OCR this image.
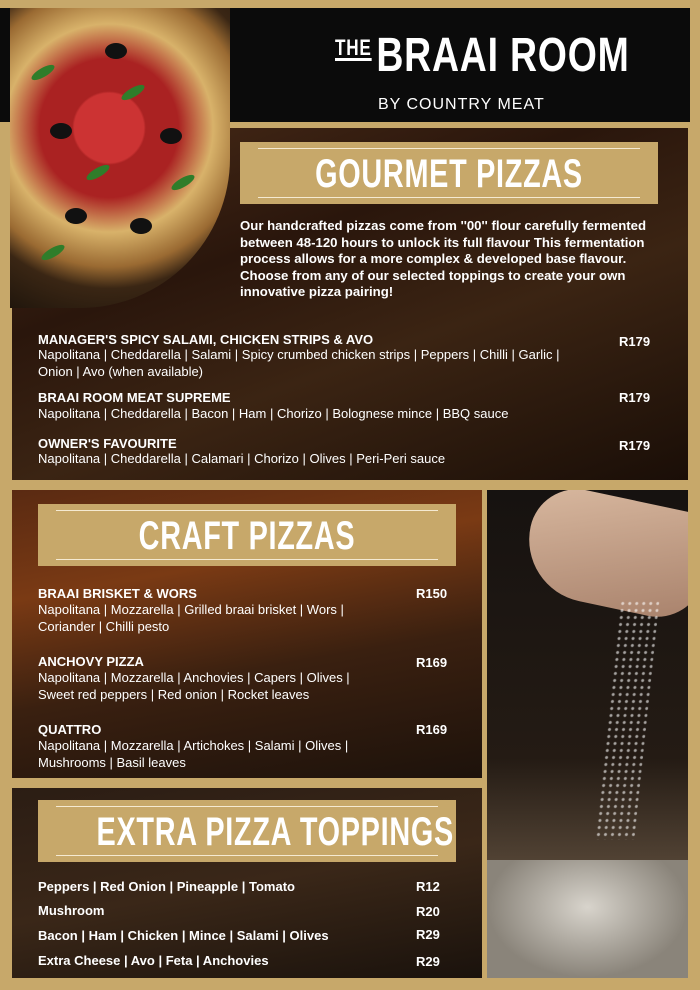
THEBRAAI ROOM
BY COUNTRY MEAT
GOURMET PIZZAS
Our handcrafted pizzas come from ''00'' flour carefully fermented between 48-120 hours to unlock its full flavour This fermentation process allows for a more complex & developed base flavour. Choose from any of our selected toppings to create your own innovative pizza pairing!
MANAGER'S SPICY SALAMI, CHICKEN STRIPS & AVO
Napolitana | Cheddarella | Salami | Spicy crumbed chicken strips | Peppers | Chilli | Garlic | Onion | Avo (when available)
R179
BRAAI ROOM MEAT SUPREME
Napolitana | Cheddarella | Bacon | Ham | Chorizo | Bolognese mince | BBQ sauce
R179
OWNER'S FAVOURITE
Napolitana | Cheddarella | Calamari | Chorizo | Olives | Peri-Peri sauce
R179
CRAFT PIZZAS
BRAAI BRISKET & WORS
Napolitana | Mozzarella | Grilled braai brisket | Wors | Coriander | Chilli pesto
R150
ANCHOVY PIZZA
Napolitana | Mozzarella | Anchovies | Capers | Olives | Sweet red peppers | Red onion | Rocket leaves
R169
QUATTRO
Napolitana | Mozzarella | Artichokes | Salami | Olives | Mushrooms | Basil leaves
R169
EXTRA PIZZA TOPPINGS
Peppers | Red Onion | Pineapple | Tomato	R12
Mushroom	R20
Bacon | Ham | Chicken | Mince | Salami | Olives	R29
Extra Cheese | Avo | Feta | Anchovies	R29
